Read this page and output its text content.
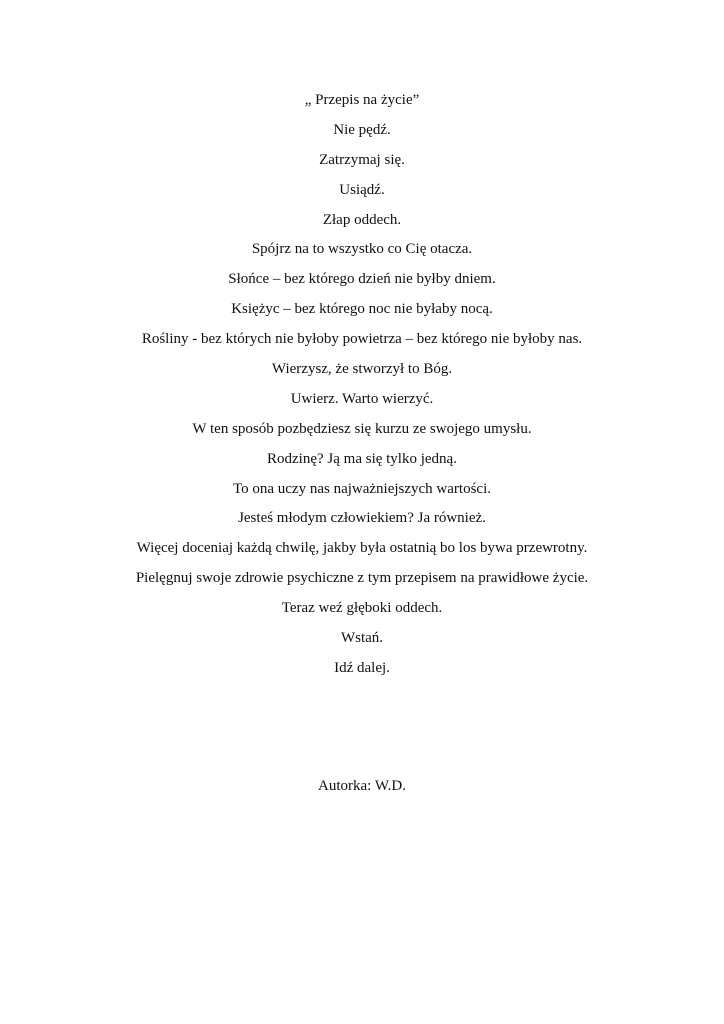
„ Przepis na życie”
Nie pędź.
Zatrzymaj się.
Usiądź.
Złap oddech.
Spójrz na to wszystko co Cię otacza.
Słońce – bez którego dzień nie byłby dniem.
Księżyc – bez którego noc nie byłaby nocą.
Rośliny - bez których nie byłoby powietrza – bez którego nie byłoby nas.
Wierzysz, że stworzył to Bóg.
Uwierz. Warto wierzyć.
W ten sposób pozbędziesz się kurzu ze swojego umysłu.
Rodzinę? Ją ma się tylko jedną.
To ona uczy nas najważniejszych wartości.
Jesteś młodym człowiekiem? Ja również.
Więcej doceniaj każdą chwilę, jakby była ostatnią bo los bywa przewrotny.
Pielęgnuj swoje zdrowie psychiczne z tym przepisem na prawidłowe życie.
Teraz weź głęboki oddech.
Wstań.
Idź dalej.

Autorka: W.D.
